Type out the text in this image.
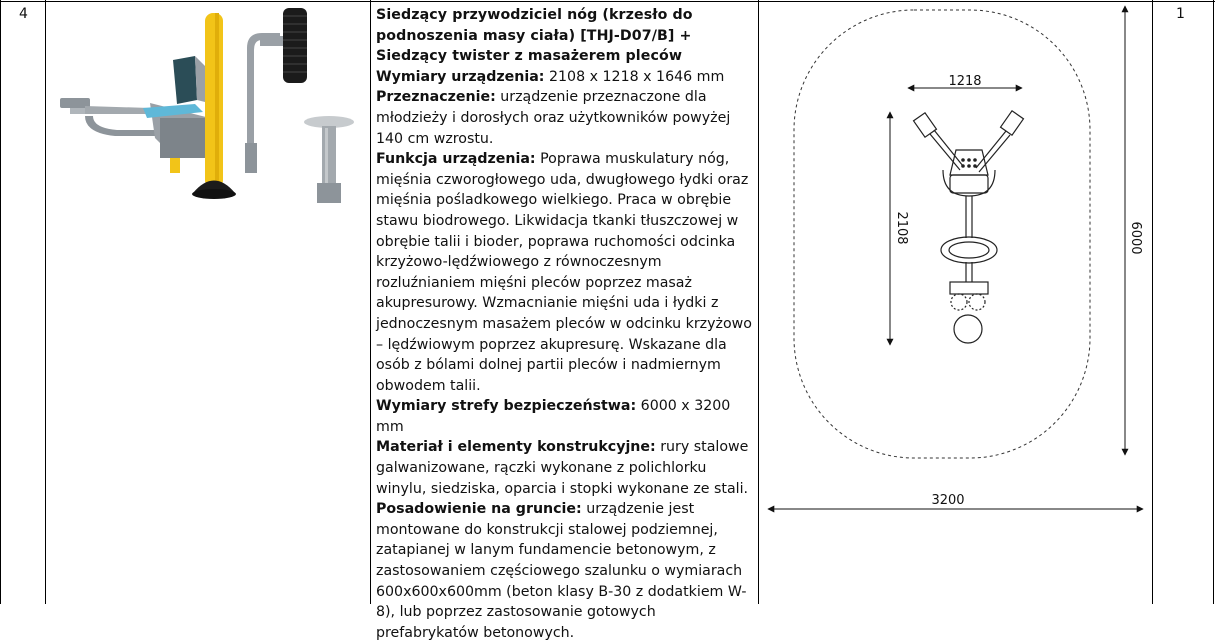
4	1

Siedzący przywodziciel nóg (krzesło do podnoszenia masy ciała) [THJ-D07/B] + Siedzący twister z masażerem pleców

Wymiary urządzenia: 2108 x 1218 x 1646 mm

Przeznaczenie: urządzenie przeznaczone dla młodzieży i dorosłych oraz użytkowników powyżej 140 cm wzrostu.

Funkcja urządzenia: Poprawa muskulatury nóg, mięśnia czworogłowego uda, dwugłowego łydki oraz mięśnia pośladkowego wielkiego. Praca w obrębie stawu biodrowego. Likwidacja tkanki tłuszczowej w obrębie talii i bioder, poprawa ruchomości odcinka krzyżowo-lędźwiowego z równoczesnym rozluźnianiem mięśni pleców poprzez masaż akupresurowy. Wzmacnianie mięśni uda i łydki z jednoczesnym masażem pleców w odcinku krzyżowo – lędźwiowym poprzez akupresurę. Wskazane dla osób z bólami dolnej partii pleców i nadmiernym obwodem talii.

Wymiary strefy bezpieczeństwa: 6000 x 3200 mm

Materiał i elementy konstrukcyjne: rury stalowe galwanizowane, rączki wykonane z polichlorku winylu, siedziska, oparcia i stopki wykonane ze stali.

Posadowienie na gruncie: urządzenie jest montowane do konstrukcji stalowej podziemnej, zatapianej w lanym fundamencie betonowym, z zastosowaniem częściowego szalunku o wymiarach 600x600x600mm (beton klasy B-30 z dodatkiem W-8), lub poprzez zastosowanie gotowych prefabrykatów betonowych.

6000
3200
1218
2108
